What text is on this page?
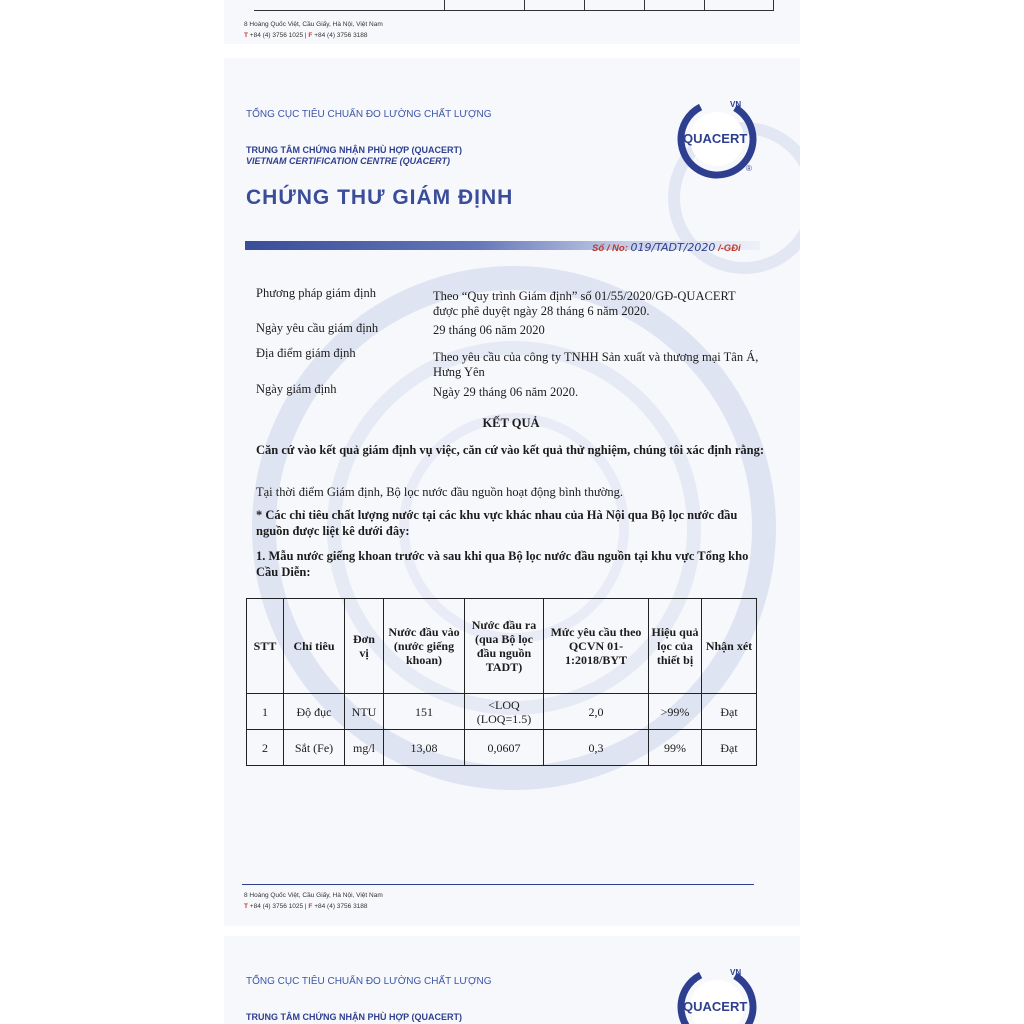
8 Hoàng Quốc Việt, Cầu Giấy, Hà Nội, Việt Nam
T +84 (4) 3756 1025 | F +84 (4) 3756 3188
TỔNG CỤC TIÊU CHUẨN ĐO LƯỜNG CHẤT LƯỢNG
TRUNG TÂM CHỨNG NHẬN PHÙ HỢP (QUACERT)
VIETNAM CERTIFICATION CENTRE (QUACERT)
VN
QUACERT
®
CHỨNG THƯ GIÁM ĐỊNH
Số / No: 019/TADT/2020 /-GĐi
Phương pháp giám định	Theo “Quy trình Giám định” số 01/55/2020/GĐ-QUACERT được phê duyệt ngày 28 tháng 6 năm 2020.
Ngày yêu cầu giám định	29 tháng 06 năm 2020
Địa điểm giám định	Theo yêu cầu của công ty TNHH Sản xuất và thương mại Tân Á, Hưng Yên
Ngày giám định	Ngày 29 tháng 06 năm 2020.
KẾT QUẢ
Căn cứ vào kết quả giám định vụ việc, căn cứ vào kết quả thử nghiệm, chúng tôi xác định rằng:
Tại thời điểm Giám định, Bộ lọc nước đầu nguồn hoạt động bình thường.
* Các chỉ tiêu chất lượng nước tại các khu vực khác nhau của Hà Nội qua Bộ lọc nước đầu nguồn được liệt kê dưới đây:
1. Mẫu nước giếng khoan trước và sau khi qua Bộ lọc nước đầu nguồn tại khu vực Tổng kho Cầu Diễn:
STT	Chỉ tiêu	Đơn vị	Nước đầu vào (nước giếng khoan)	Nước đầu ra (qua Bộ lọc đầu nguồn TADT)	Mức yêu cầu theo QCVN 01-1:2018/BYT	Hiệu quả lọc của thiết bị	Nhận xét
1	Độ đục	NTU	151	<LOQ (LOQ=1.5)	2,0	>99%	Đạt
2	Sắt (Fe)	mg/l	13,08	0,0607	0,3	99%	Đạt
8 Hoàng Quốc Việt, Cầu Giấy, Hà Nội, Việt Nam
T +84 (4) 3756 1025 | F +84 (4) 3756 3188
TỔNG CỤC TIÊU CHUẨN ĐO LƯỜNG CHẤT LƯỢNG
TRUNG TÂM CHỨNG NHẬN PHÙ HỢP (QUACERT)
VN
QUACERT
